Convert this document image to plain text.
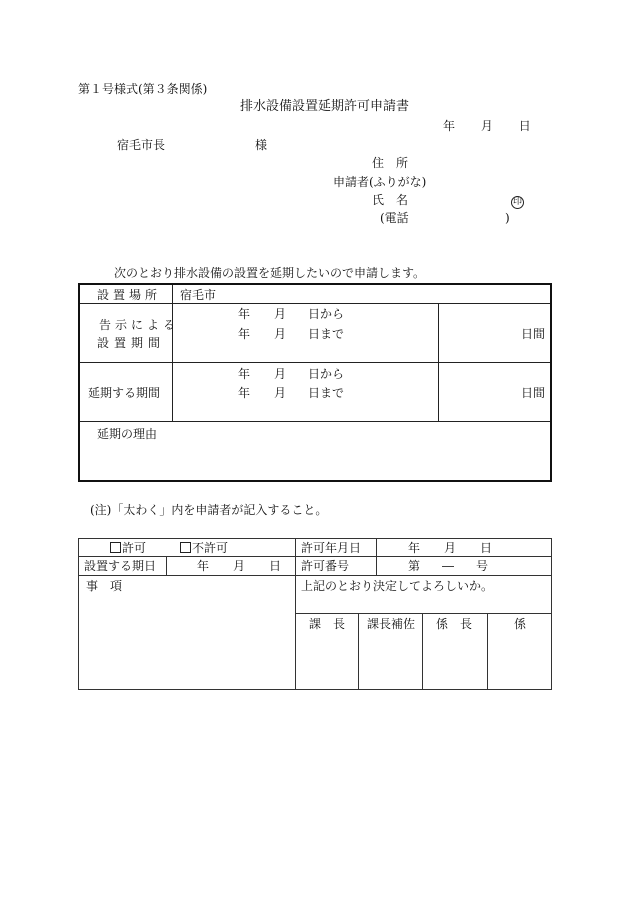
第１号様式(第３条関係)
排水設備設置延期許可申請書
年 月 日
宿毛市長	様
住　所
申請者(ふりがな)
氏　名	印
(電話	)
次のとおり排水設備の設置を延期したいので申請します。
設置場所 宿毛市
告示による
設置期間
年 月 日から
年 月 日まで	日間
延期する期間
年 月 日から
年 月 日まで	日間
延期の理由
(注)「太わく」内を申請者が記入すること。
許可	不許可	許可年月日	年 月 日
設置する期日	年 月 日 許可番号	第 ― 号
事　項	上記のとおり決定してよろしいか。
課　長 課長補佐 係　長	係
